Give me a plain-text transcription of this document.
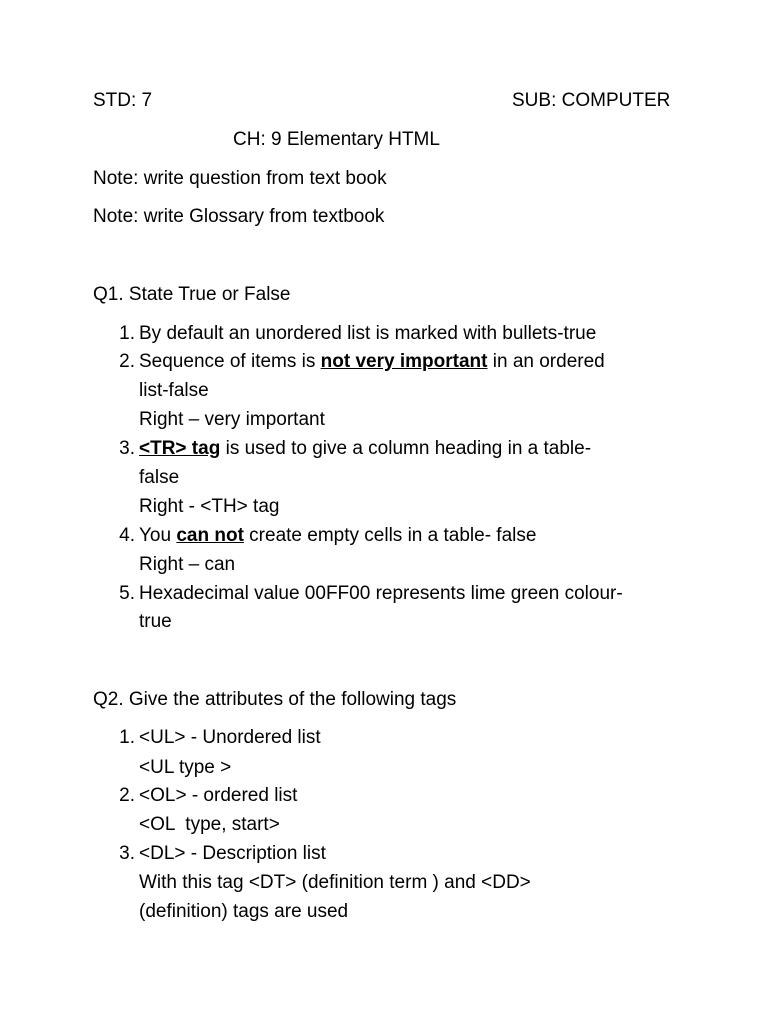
STD: 7	SUB: COMPUTER
CH: 9 Elementary HTML
Note: write question from text book
Note: write Glossary from textbook
Q1. State True or False
1. By default an unordered list is marked with bullets-true
2. Sequence of items is not very important in an ordered
list-false
Right – very important
3. <TR> tag is used to give a column heading in a table-
false
Right - <TH> tag
4. You can not create empty cells in a table- false
Right – can
5. Hexadecimal value 00FF00 represents lime green colour-
true
Q2. Give the attributes of the following tags
1. <UL> - Unordered list
<UL type >
2. <OL> - ordered list
<OL  type, start>
3. <DL> - Description list
With this tag <DT> (definition term ) and <DD>
(definition) tags are used
